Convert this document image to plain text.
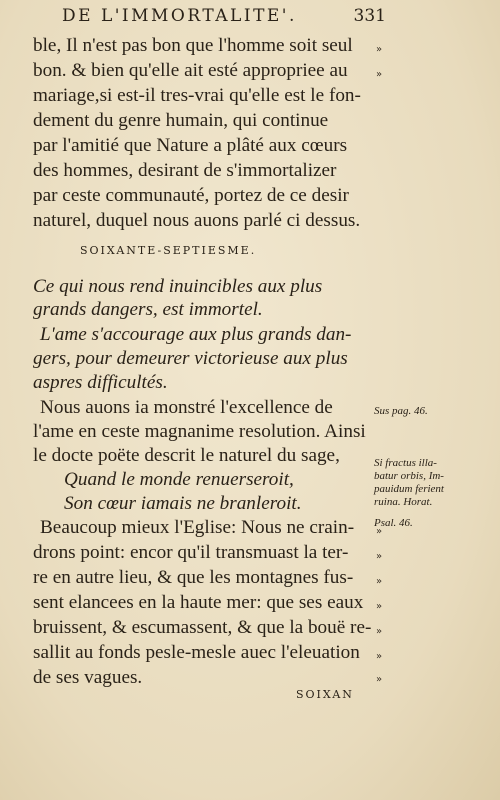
DE L'IMMORTALITE'.	331
ble, Il n'est pas bon que l'homme soit seul
bon. & bien qu'elle ait esté appropriee au
mariage,si est-il tres-vrai qu'elle est le fon-
dement du genre humain, qui continue
par l'amitié que Nature a plâté aux cœurs
des hommes, desirant de s'immortalizer
par ceste communauté, portez de ce desir
naturel, duquel nous auons parlé ci dessus.
»
»
SOIXANTE-SEPTIESME.
Ce qui nous rend inuincibles aux plus
grands dangers, est immortel.
L'ame s'accourage aux plus grands dan-
gers, pour demeurer victorieuse aux plus
aspres difficultés.
Nous auons ia monstré l'excellence de
l'ame en ceste magnanime resolution. Ainsi
le docte poëte descrit le naturel du sage,
Quand le monde renuerseroit,
Son cœur iamais ne branleroit.
Beaucoup mieux l'Eglise: Nous ne crain-
drons point: encor qu'il transmuast la ter-
re en autre lieu, & que les montagnes fus-
sent elancees en la haute mer: que ses eaux
bruissent, & escumassent, & que la bouë re-
sallit au fonds pesle-mesle auec l'eleuation
de ses vagues.
Sus pag. 46.
Si fractus illa-
batur orbis, Im-
pauidum ferient
ruina. Horat.
Psal. 46.
»
»
»
»
»
»
»
SOIXAN
